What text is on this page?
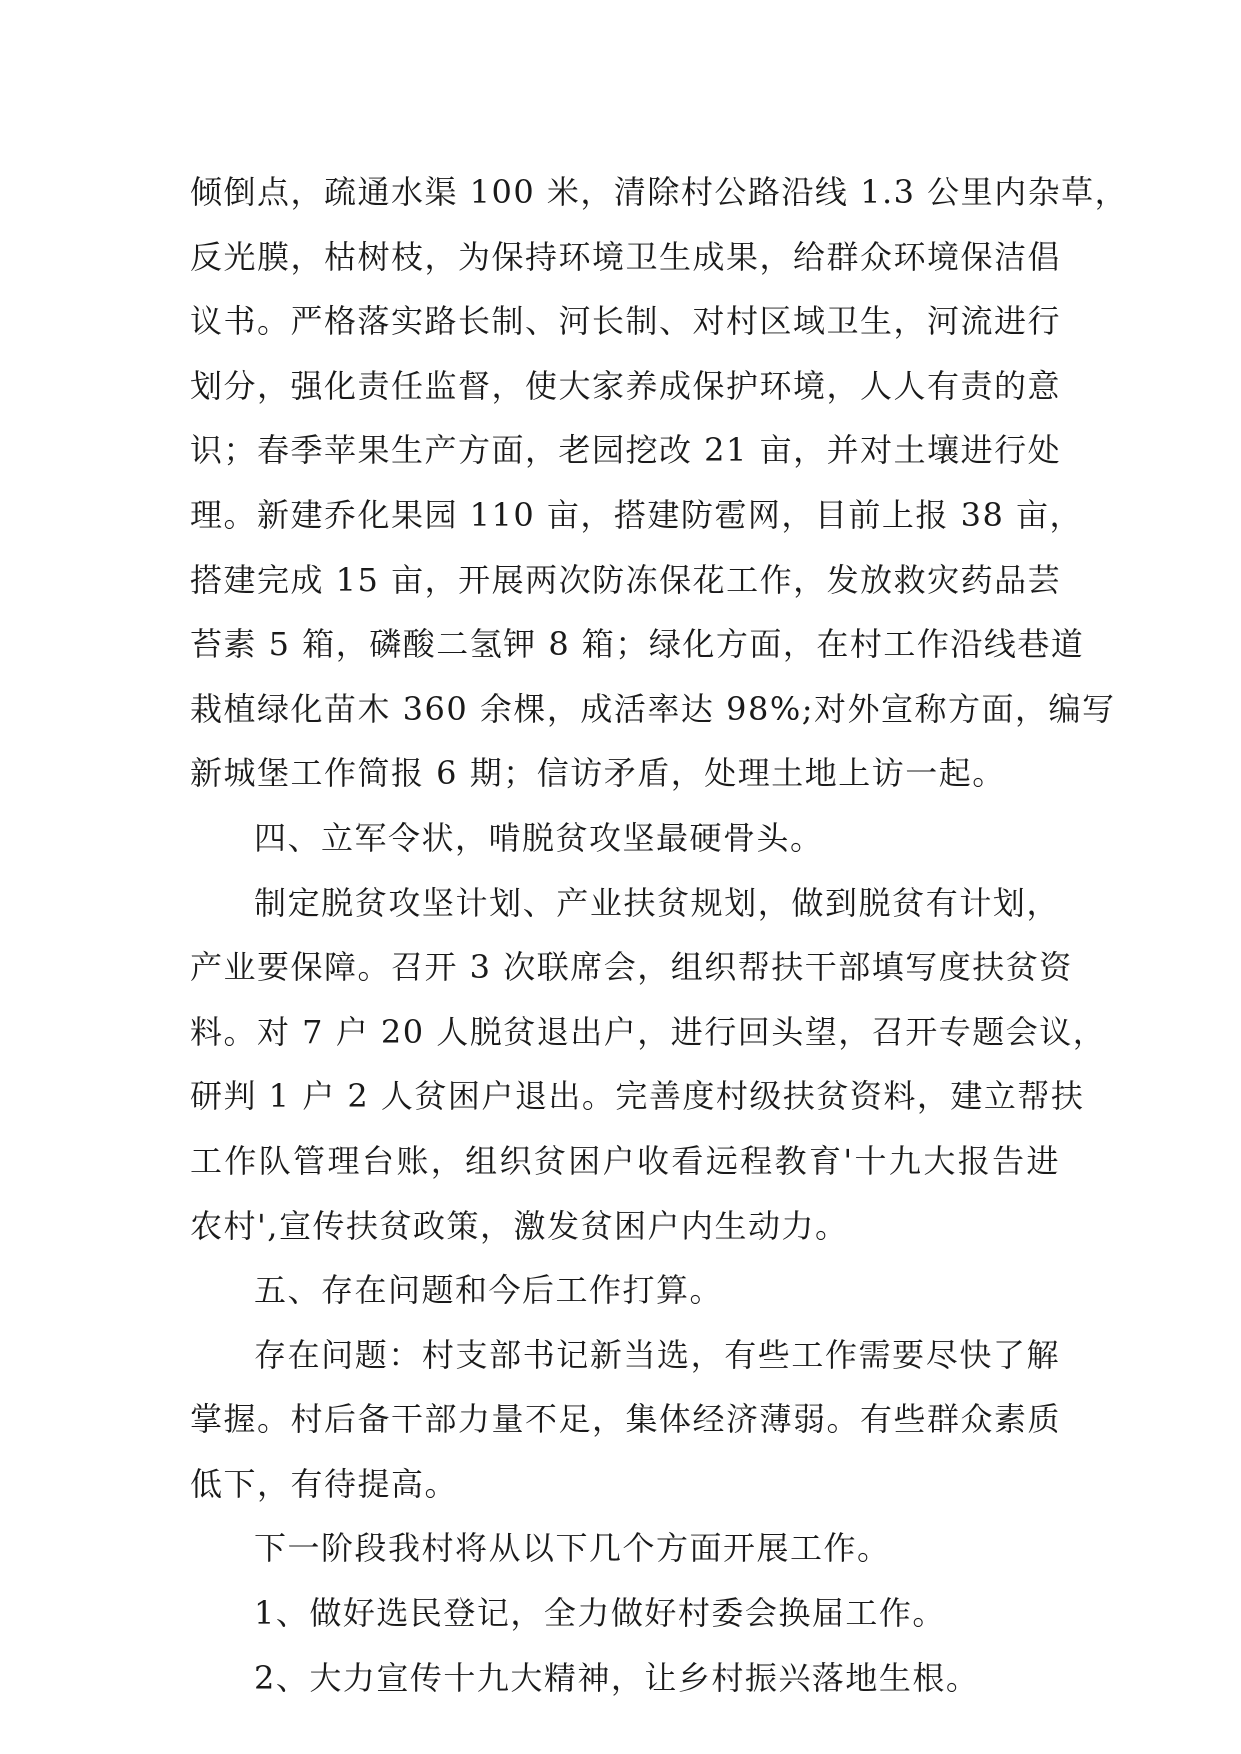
倾倒点，疏通水渠 100 米，清除村公路沿线 1.3 公里内杂草，
反光膜，枯树枝，为保持环境卫生成果，给群众环境保洁倡
议书。严格落实路长制、河长制、对村区域卫生，河流进行
划分，强化责任监督，使大家养成保护环境，人人有责的意
识；春季苹果生产方面，老园挖改 21 亩，并对土壤进行处
理。新建乔化果园 110 亩，搭建防雹网，目前上报 38 亩，
搭建完成 15 亩，开展两次防冻保花工作，发放救灾药品芸
苔素 5 箱，磷酸二氢钾 8 箱；绿化方面，在村工作沿线巷道
栽植绿化苗木 360 余棵，成活率达 98%;对外宣称方面，编写
新城堡工作简报 6 期；信访矛盾，处理土地上访一起。
四、立军令状，啃脱贫攻坚最硬骨头。
制定脱贫攻坚计划、产业扶贫规划，做到脱贫有计划，
产业要保障。召开 3 次联席会，组织帮扶干部填写度扶贫资
料。对 7 户 20 人脱贫退出户，进行回头望，召开专题会议，
研判 1 户 2 人贫困户退出。完善度村级扶贫资料，建立帮扶
工作队管理台账，组织贫困户收看远程教育'十九大报告进
农村',宣传扶贫政策，激发贫困户内生动力。
五、存在问题和今后工作打算。
存在问题：村支部书记新当选，有些工作需要尽快了解
掌握。村后备干部力量不足，集体经济薄弱。有些群众素质
低下，有待提高。
下一阶段我村将从以下几个方面开展工作。
1、做好选民登记，全力做好村委会换届工作。
2、大力宣传十九大精神，让乡村振兴落地生根。
